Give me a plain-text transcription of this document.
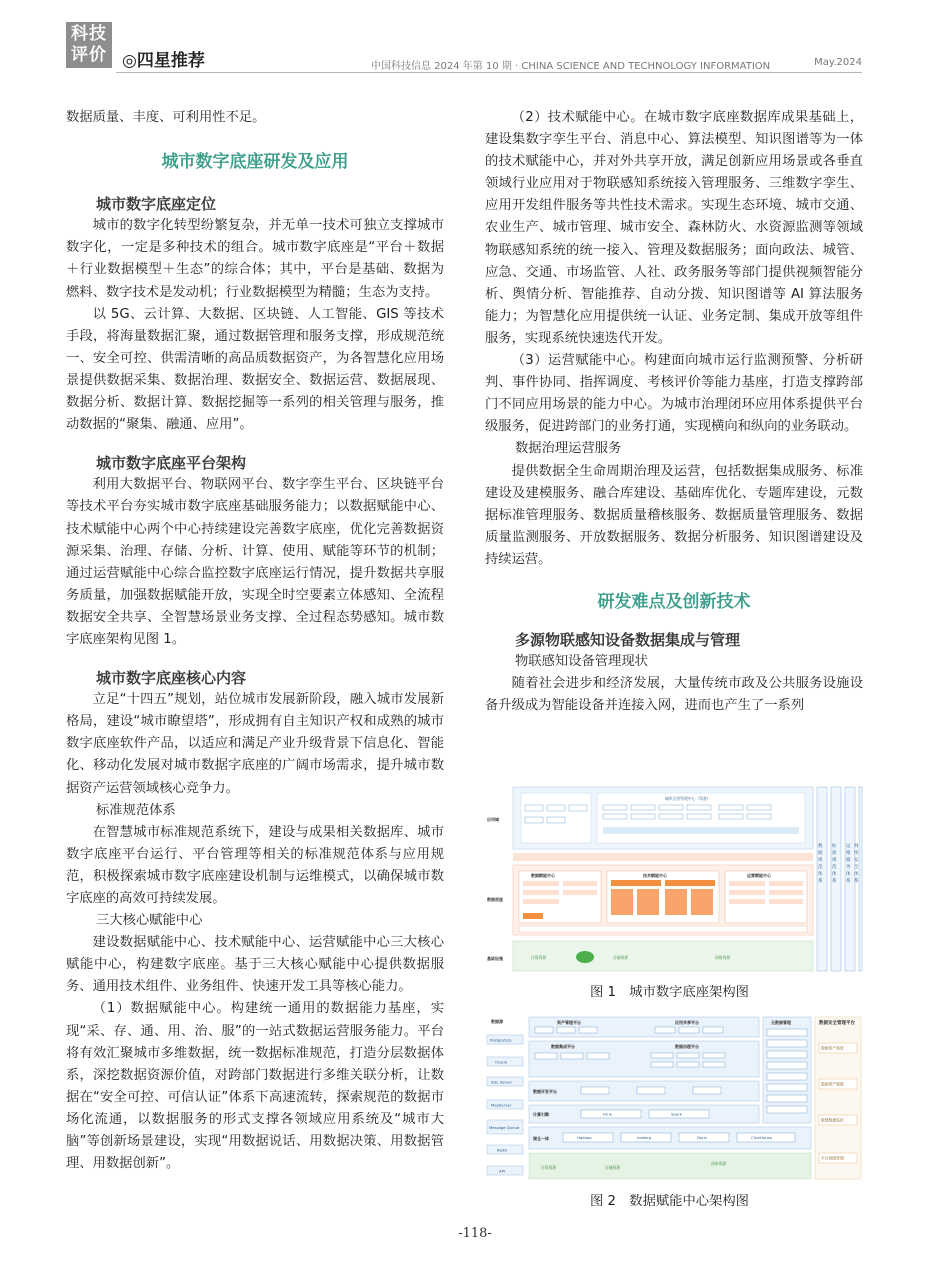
科技
评价 ◎四星推荐	中国科技信息 2024 年第 10 期 · CHINA SCIENCE AND TECHNOLOGY INFORMATION	May.2024

数据质量、丰度、可利用性不足。

城市数字底座研发及应用
城市数字底座定位

城市的数字化转型纷繁复杂，并无单一技术可独立支撑城市数字化，一定是多种技术的组合。城市数字底座是“平台＋数据＋行业数据模型＋生态”的综合体；其中，平台是基础、数据为燃料、数字技术是发动机；行业数据模型为精髓；生态为支持。

以 5G、云计算、大数据、区块链、人工智能、GIS 等技术手段，将海量数据汇聚，通过数据管理和服务支撑，形成规范统一、安全可控、供需清晰的高品质数据资产，为各智慧化应用场景提供数据采集、数据治理、数据安全、数据运营、数据展现、数据分析、数据计算、数据挖掘等一系列的相关管理与服务，推动数据的“聚集、融通、应用”。

城市数字底座平台架构

利用大数据平台、物联网平台、数字孪生平台、区块链平台等技术平台夯实城市数字底座基础服务能力；以数据赋能中心、技术赋能中心两个中心持续建设完善数字底座，优化完善数据资源采集、治理、存储、分析、计算、使用、赋能等环节的机制；通过运营赋能中心综合监控数字底座运行情况，提升数据共享服务质量，加强数据赋能开放，实现全时空要素立体感知、全流程数据安全共享、全智慧场景业务支撑、全过程态势感知。城市数字底座架构见图 1。

城市数字底座核心内容

立足“十四五”规划，站位城市发展新阶段，融入城市发展新格局，建设“城市瞭望塔”，形成拥有自主知识产权和成熟的城市数字底座软件产品，以适应和满足产业升级背景下信息化、智能化、移动化发展对城市数据字底座的广阔市场需求，提升城市数据资产运营领域核心竞争力。

标准规范体系

在智慧城市标准规范系统下，建设与成果相关数据库、城市数字底座平台运行、平台管理等相关的标准规范体系与应用规范，积极探索城市数字底座建设机制与运维模式，以确保城市数字底座的高效可持续发展。

三大核心赋能中心

建设数据赋能中心、技术赋能中心、运营赋能中心三大核心赋能中心，构建数字底座。基于三大核心赋能中心提供数据服务、通用技术组件、业务组件、快速开发工具等核心能力。

（1）数据赋能中心。构建统一通用的数据能力基座，实现“采、存、通、用、治、服”的一站式数据运营服务能力。平台将有效汇聚城市多维数据，统一数据标准规范，打造分层数据体系，深挖数据资源价值，对跨部门数据进行多维关联分析，让数据在“安全可控、可信认证”体系下高速流转，探索规范的数据市场化流通，以数据服务的形式支撑各领域应用系统及“城市大脑”等创新场景建设，实现“用数据说话、用数据决策、用数据管理、用数据创新”。

（2）技术赋能中心。在城市数字底座数据库成果基础上，建设集数字孪生平台、消息中心、算法模型、知识图谱等为一体的技术赋能中心，并对外共享开放，满足创新应用场景或各垂直领域行业应用对于物联感知系统接入管理服务、三维数字孪生、应用开发组件服务等共性技术需求。实现生态环境、城市交通、农业生产、城市管理、城市安全、森林防火、水资源监测等领域物联感知系统的统一接入、管理及数据服务；面向政法、城管、应急、交通、市场监管、人社、政务服务等部门提供视频智能分析、舆情分析、智能推荐、自动分拨、知识图谱等 AI 算法服务能力；为智慧化应用提供统一认证、业务定制、集成开放等组件服务，实现系统快速迭代开发。

（3）运营赋能中心。构建面向城市运行监测预警、分析研判、事件协同、指挥调度、考核评价等能力基座，打造支撑跨部门不同应用场景的能力中心。为城市治理闭环应用体系提供平台级服务，促进跨部门的业务打通，实现横向和纵向的业务联动。

数据治理运营服务

提供数据全生命周期治理及运营，包括数据集成服务、标准建设及建模服务、融合库建设、基础库优化、专题库建设，元数据标准管理服务、数据质量稽核服务、数据质量管理服务、数据质量监测服务、开放数据服务、数据分析服务、知识图谱建设及持续运营。

研发难点及创新技术
多源物联感知设备数据集成与管理
物联感知设备管理现状

随着社会进步和经济发展，大量传统市政及公共服务设施设备升级成为智能设备并连接入网，进而也产生了一系列

应用域
数据底座
基础设施
城市运营管理中心（驾驶）
数据赋能中心	技术赋能中心	运营赋能中心
计算资源	存储资源	网络资源
数据规范体系
标准规范体系
运维服务体系
网络安全体系
图 1　城市数字底座架构图
数据源
PostgreSQL
Oracle
SQL Server
MapServer
Message Queue
Redis
API
资产管理平台	应用共享平台
数据集成平台	数据治理平台
数据开发平台
计算引擎	Flink	Spark
湖仓一体	Hadoop	Iceberg	Doris	ClickHouse
计算资源	存储资源
网络资源
元数据管理
数据资产加密
数据资产脱敏
敏感数据监控
平台权限管理
数据安全管理平台
图 2　数据赋能中心架构图
-118-
